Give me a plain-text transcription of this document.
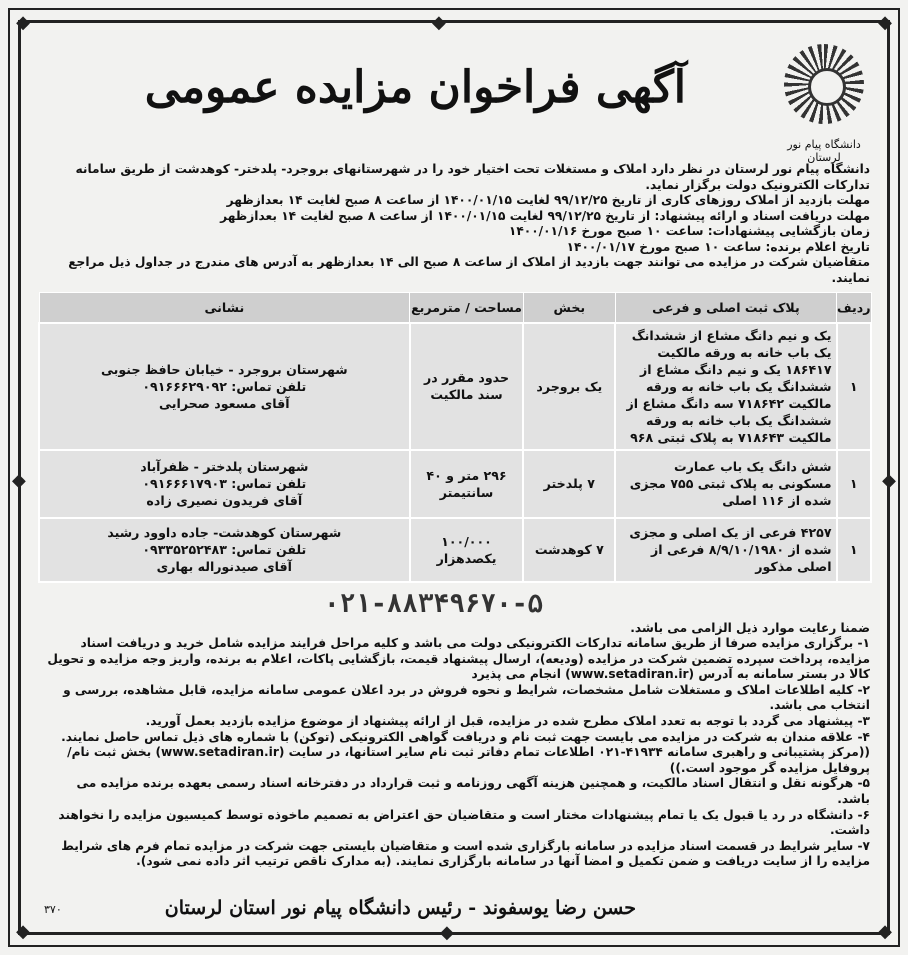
◆	◆
◆	◆
◆
◆
◆	◆
دانشگاه پیام نور لرستان
آگهی فراخوان مزایده عمومی

دانشگاه پیام نور لرستان در نظر دارد املاک و مستغلات تحت اختیار خود را در شهرستانهای بروجرد- پلدختر- کوهدشت از طریق سامانه تدارکات الکترونیک دولت برگزار نماید.

مهلت بازدید از املاک روزهای کاری از تاریخ ۹۹/۱۲/۲۵ لغایت ۱۴۰۰/۰۱/۱۵ از ساعت ۸ صبح لغایت ۱۴ بعدازظهر

مهلت دریافت اسناد و ارائه پیشنهاد: از تاریخ ۹۹/۱۲/۲۵ لغایت ۱۴۰۰/۰۱/۱۵ از ساعت ۸ صبح لغایت ۱۴ بعدازظهر

زمان بازگشایی پیشنهادات: ساعت ۱۰ صبح مورخ ۱۴۰۰/۰۱/۱۶

تاریخ اعلام برنده: ساعت ۱۰ صبح مورخ ۱۴۰۰/۰۱/۱۷

متقاضیان شرکت در مزایده می توانند جهت بازدید از املاک از ساعت ۸ صبح الی ۱۴ بعدازظهر به آدرس های مندرج در جداول ذیل مراجع نمایند.

ردیف	پلاک ثبت اصلی و فرعی	بخش	مساحت / مترمربع	نشانی
۱	یک و نیم دانگ مشاع از ششدانگ یک باب خانه به ورقه مالکیت ۱۸۶۴۱۷ یک و نیم دانگ مشاع از ششدانگ یک باب خانه به ورقه مالکیت ۷۱۸۶۴۲ سه دانگ مشاع از ششدانگ یک باب خانه به ورقه مالکیت ۷۱۸۶۴۳ به پلاک ثبتی ۹۶۸	یک بروجرد	حدود مقرر در سند مالکیت	شهرستان بروجرد - خیابان حافظ جنوبی
تلفن تماس: ۰۹۱۶۶۶۲۹۰۹۲
آقای مسعود صحرایی

۱	شش دانگ یک باب عمارت مسکونی به پلاک ثبتی ۷۵۵ مجزی شده از ۱۱۶ اصلی	۷ پلدختر	۲۹۶ متر و ۴۰ سانتیمتر	شهرستان پلدختر - ظفرآباد
تلفن تماس: ۰۹۱۶۶۶۱۷۹۰۳
آقای فریدون نصیری زاده

۱	۴۲۵۷ فرعی از یک اصلی و مجزی شده از ۸/۹/۱۰/۱۹۸۰ فرعی از اصلی مذکور	۷ کوهدشت	۱۰۰/۰۰۰ یکصدهزار	شهرستان کوهدشت- جاده داوود رشید
تلفن تماس: ۰۹۳۳۵۲۵۲۴۸۳
آقای صیدنوراله بهاری
۰۲۱-۸۸۳۴۹۶۷۰-۵

ضمنا رعایت موارد ذیل الزامی می باشد.

۱- برگزاری مزایده صرفا از طریق سامانه تدارکات الکترونیکی دولت می باشد و کلیه مراحل فرایند مزایده شامل خرید و دریافت اسناد مزایده، پرداخت سپرده تضمین شرکت در مزایده (ودیعه)، ارسال پیشنهاد قیمت، بازگشایی پاکات، اعلام به برنده، واریز وجه مزایده و تحویل کالا در بستر سامانه به آدرس (www.setadiran.ir) انجام می پذیرد

۲- کلیه اطلاعات املاک و مستغلات شامل مشخصات، شرایط و نحوه فروش در برد اعلان عمومی سامانه مزایده، قابل مشاهده، بررسی و انتخاب می باشد.

۳- پیشنهاد می گردد با توجه به تعدد املاک مطرح شده در مزایده، قبل از ارائه پیشنهاد از موضوع مزایده بازدید بعمل آورید.

۴- علاقه مندان به شرکت در مزایده می بایست جهت ثبت نام و دریافت گواهی الکترونیکی (توکن) با شماره های ذیل تماس حاصل نمایند.

((مرکز پشتیبانی و راهبری سامانه ۴۱۹۳۴-۰۲۱ اطلاعات تمام دفاتر ثبت نام سایر استانها، در سایت (www.setadiran.ir) بخش ثبت نام/ پروفایل مزایده گر موجود است.))

۵- هرگونه نقل و انتقال اسناد مالکیت، و همچنین هزینه آگهی روزنامه و ثبت قرارداد در دفترخانه اسناد رسمی بعهده برنده مزایده می باشد.

۶- دانشگاه در رد یا قبول یک یا تمام پیشنهادات مختار است و متقاضیان حق اعتراض به تصمیم ماخوذه توسط کمیسیون مزایده را نخواهند داشت.

۷- سایر شرایط در قسمت اسناد مزایده در سامانه بارگزاری شده است و متقاضیان بایستی جهت شرکت در مزایده تمام فرم های شرایط مزایده را از سایت دریافت و ضمن تکمیل و امضا آنها در سامانه بارگزاری نمایند. (به مدارک ناقص ترتیب اثر داده نمی شود).

حسن رضا یوسفوند - رئیس دانشگاه پیام نور استان لرستان
۳۷۰
